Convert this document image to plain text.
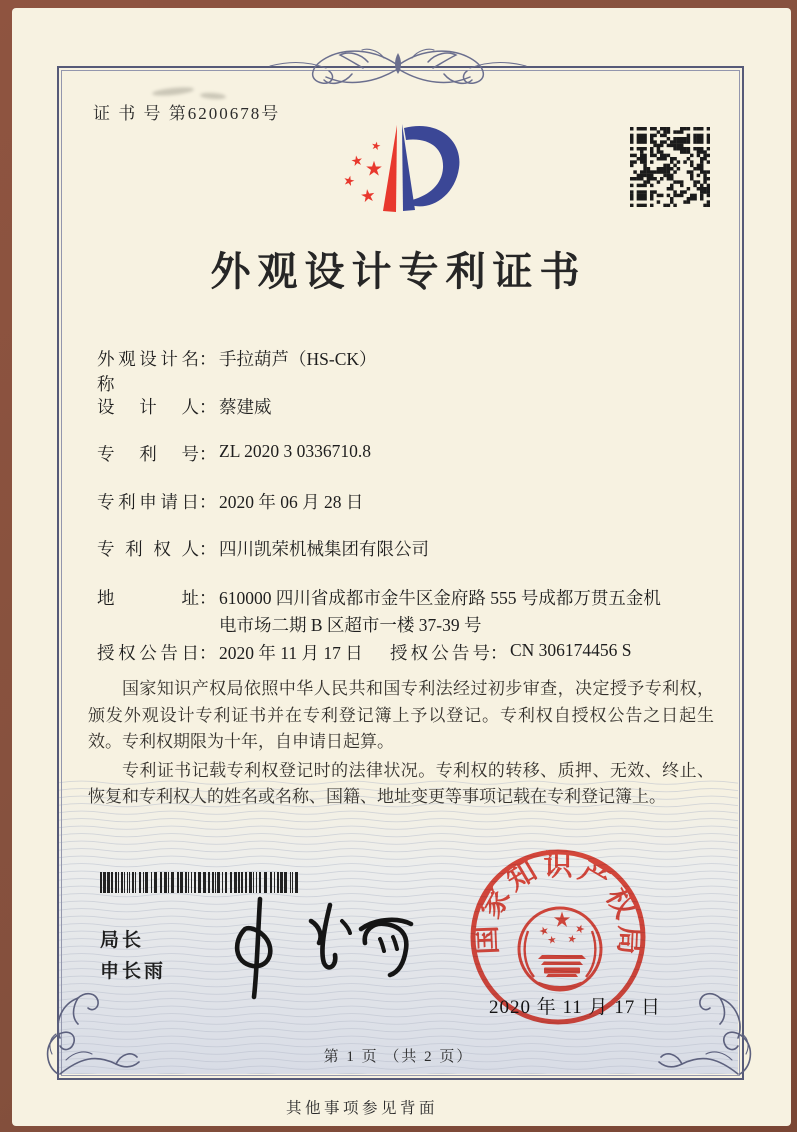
证 书 号 第6200678号
外观设计专利证书
外观设计名称
： 手拉葫芦（HS-CK）
设计人 ： 蔡建威
专利号 ： ZL 2020 3 0336710.8
专利申请日 ： 2020 年 06 月 28 日
专利权人 ： 四川凯荣机械集团有限公司
地址 ： 610000 四川省成都市金牛区金府路 555 号成都万贯五金机
电市场二期 B 区超市一楼 37-39 号
授权公告日 ： 2020 年 11 月 17 日 授权公告号 ： CN 306174456 S

国家知识产权局依照中华人民共和国专利法经过初步审查，决定授予专利权，颁发外观设计专利证书并在专利登记簿上予以登记。专利权自授权公告之日起生效。专利权期限为十年，自申请日起算。

专利证书记载专利权登记时的法律状况。专利权的转移、质押、无效、终止、恢复和专利权人的姓名或名称、国籍、地址变更等事项记载在专利登记簿上。

局长
申长雨
国家知识产权局
2020 年 11 月 17 日
第 1 页 （共 2 页）
其他事项参见背面
